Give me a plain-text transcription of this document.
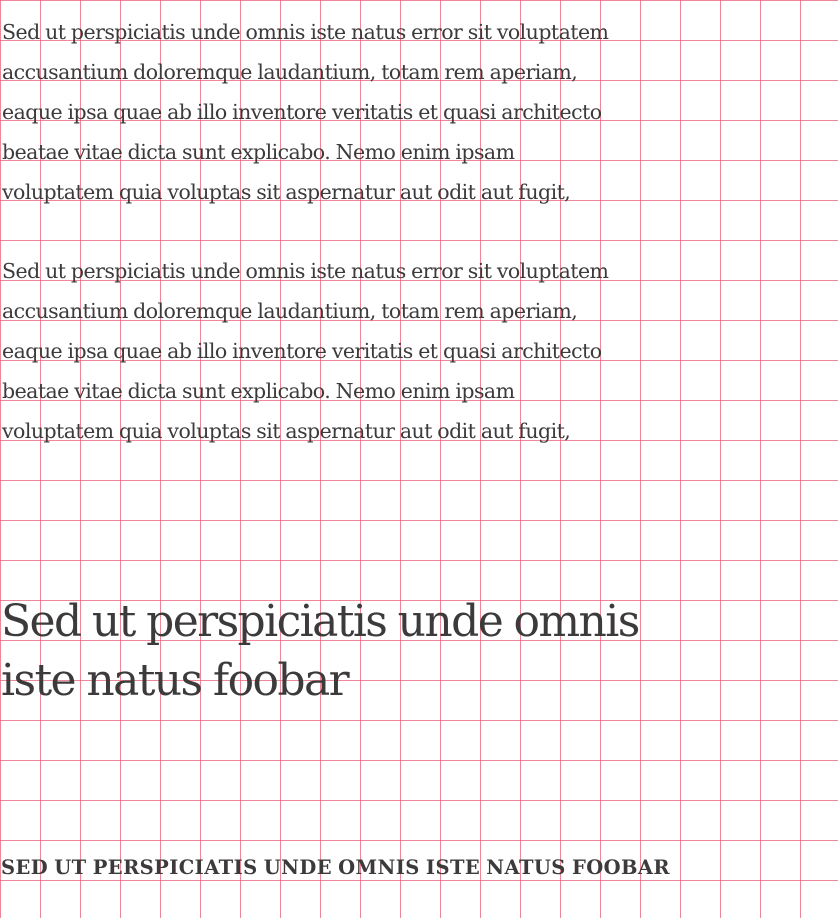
Sed ut perspiciatis unde omnis iste natus error sit voluptatem
accusantium doloremque laudantium, totam rem aperiam,
eaque ipsa quae ab illo inventore veritatis et quasi architecto
beatae vitae dicta sunt explicabo. Nemo enim ipsam
voluptatem quia voluptas sit aspernatur aut odit aut fugit,

Sed ut perspiciatis unde omnis iste natus error sit voluptatem
accusantium doloremque laudantium, totam rem aperiam,
eaque ipsa quae ab illo inventore veritatis et quasi architecto
beatae vitae dicta sunt explicabo. Nemo enim ipsam
voluptatem quia voluptas sit aspernatur aut odit aut fugit,

Sed ut perspiciatis unde omnis
iste natus foobar
SED UT PERSPICIATIS UNDE OMNIS ISTE NATUS FOOBAR
